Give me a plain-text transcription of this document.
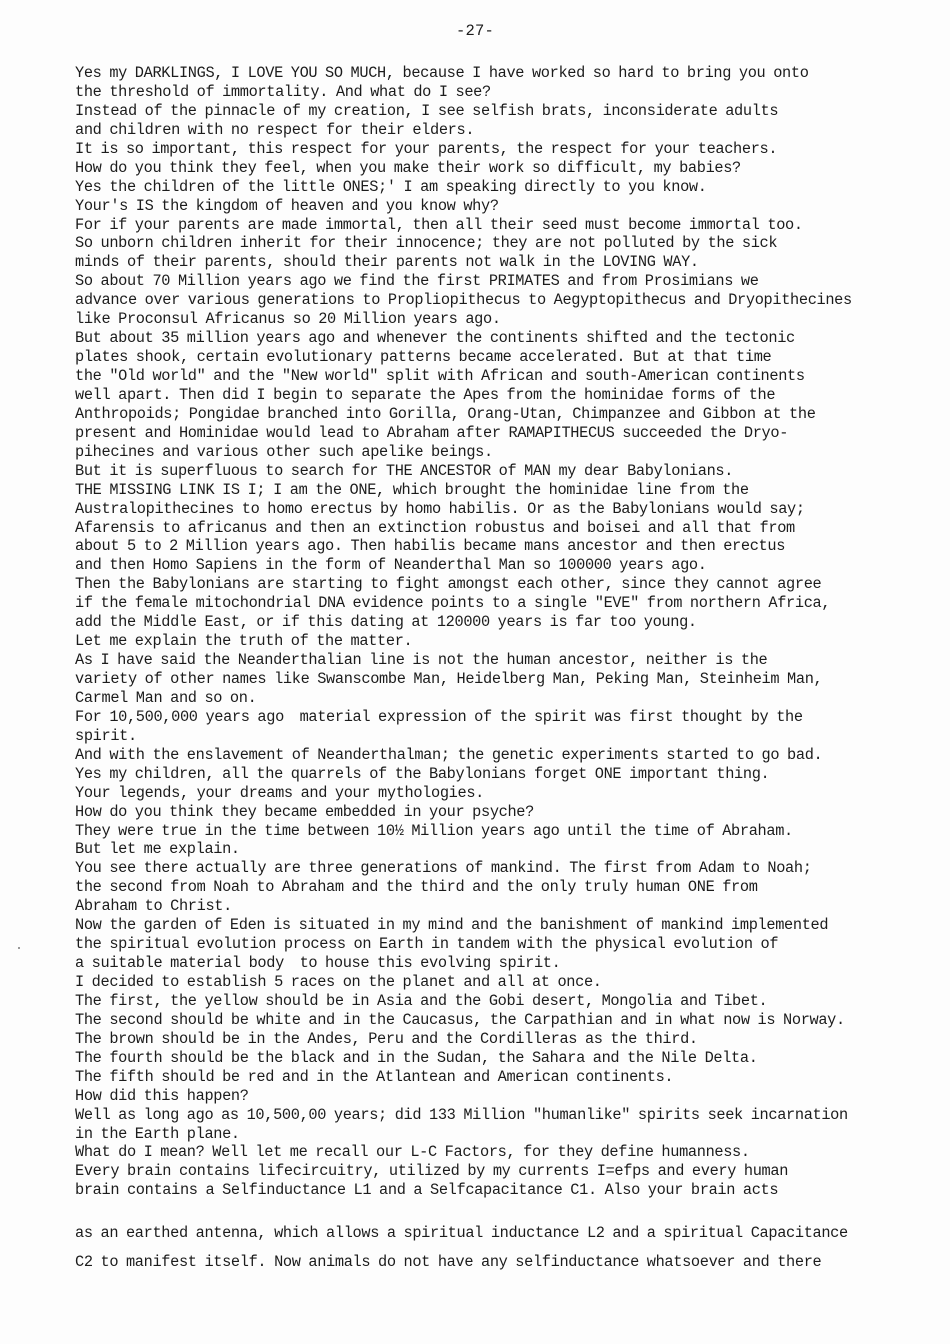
-27-
Yes my DARKLINGS, I LOVE YOU SO MUCH, because I have worked so hard to bring you onto
the threshold of immortality. And what do I see?
Instead of the pinnacle of my creation, I see selfish brats, inconsiderate adults
and children with no respect for their elders.
It is so important, this respect for your parents, the respect for your teachers.
How do you think they feel, when you make their work so difficult, my babies?
Yes the children of the little ONES;' I am speaking directly to you know.
Your's IS the kingdom of heaven and you know why?
For if your parents are made immortal, then all their seed must become immortal too.
So unborn children inherit for their innocence; they are not polluted by the sick
minds of their parents, should their parents not walk in the LOVING WAY.
So about 70 Million years ago we find the first PRIMATES and from Prosimians we
advance over various generations to Propliopithecus to Aegyptopithecus and Dryopithecines
like Proconsul Africanus so 20 Million years ago.
But about 35 million years ago and whenever the continents shifted and the tectonic
plates shook, certain evolutionary patterns became accelerated. But at that time
the "Old world" and the "New world" split with African and south-American continents
well apart. Then did I begin to separate the Apes from the hominidae forms of the
Anthropoids; Pongidae branched into Gorilla, Orang-Utan, Chimpanzee and Gibbon at the
present and Hominidae would lead to Abraham after RAMAPITHECUS succeeded the Dryo-
pihecines and various other such apelike beings.
But it is superfluous to search for THE ANCESTOR of MAN my dear Babylonians.
THE MISSING LINK IS I; I am the ONE, which brought the hominidae line from the
Australopithecines to homo erectus by homo habilis. Or as the Babylonians would say;
Afarensis to africanus and then an extinction robustus and boisei and all that from
about 5 to 2 Million years ago. Then habilis became mans ancestor and then erectus
and then Homo Sapiens in the form of Neanderthal Man so 100000 years ago.
Then the Babylonians are starting to fight amongst each other, since they cannot agree
if the female mitochondrial DNA evidence points to a single "EVE" from northern Africa,
add the Middle East, or if this dating at 120000 years is far too young.
Let me explain the truth of the matter.
As I have said the Neanderthalian line is not the human ancestor, neither is the
variety of other names like Swanscombe Man, Heidelberg Man, Peking Man, Steinheim Man,
Carmel Man and so on.
For 10,500,000 years ago  material expression of the spirit was first thought by the
spirit.
And with the enslavement of Neanderthalman; the genetic experiments started to go bad.
Yes my children, all the quarrels of the Babylonians forget ONE important thing.
Your legends, your dreams and your mythologies.
How do you think they became embedded in your psyche?
They were true in the time between 10½ Million years ago until the time of Abraham.
But let me explain.
You see there actually are three generations of mankind. The first from Adam to Noah;
the second from Noah to Abraham and the third and the only truly human ONE from
Abraham to Christ.
Now the garden of Eden is situated in my mind and the banishment of mankind implemented
the spiritual evolution process on Earth in tandem with the physical evolution of
a suitable material body  to house this evolving spirit.
I decided to establish 5 races on the planet and all at once.
The first, the yellow should be in Asia and the Gobi desert, Mongolia and Tibet.
The second should be white and in the Caucasus, the Carpathian and in what now is Norway.
The brown should be in the Andes, Peru and the Cordilleras as the third.
The fourth should be the black and in the Sudan, the Sahara and the Nile Delta.
The fifth should be red and in the Atlantean and American continents.
How did this happen?
Well as long ago as 10,500,00 years; did 133 Million "humanlike" spirits seek incarnation
in the Earth plane.
What do I mean? Well let me recall our L-C Factors, for they define humanness.
Every brain contains lifecircuitry, utilized by my currents I=efps and every human
brain contains a Selfinductance L1 and a Selfcapacitance C1. Also your brain acts
as an earthed antenna, which allows a spiritual inductance L2 and a spiritual Capacitance
C2 to manifest itself. Now animals do not have any selfinductance whatsoever and there
